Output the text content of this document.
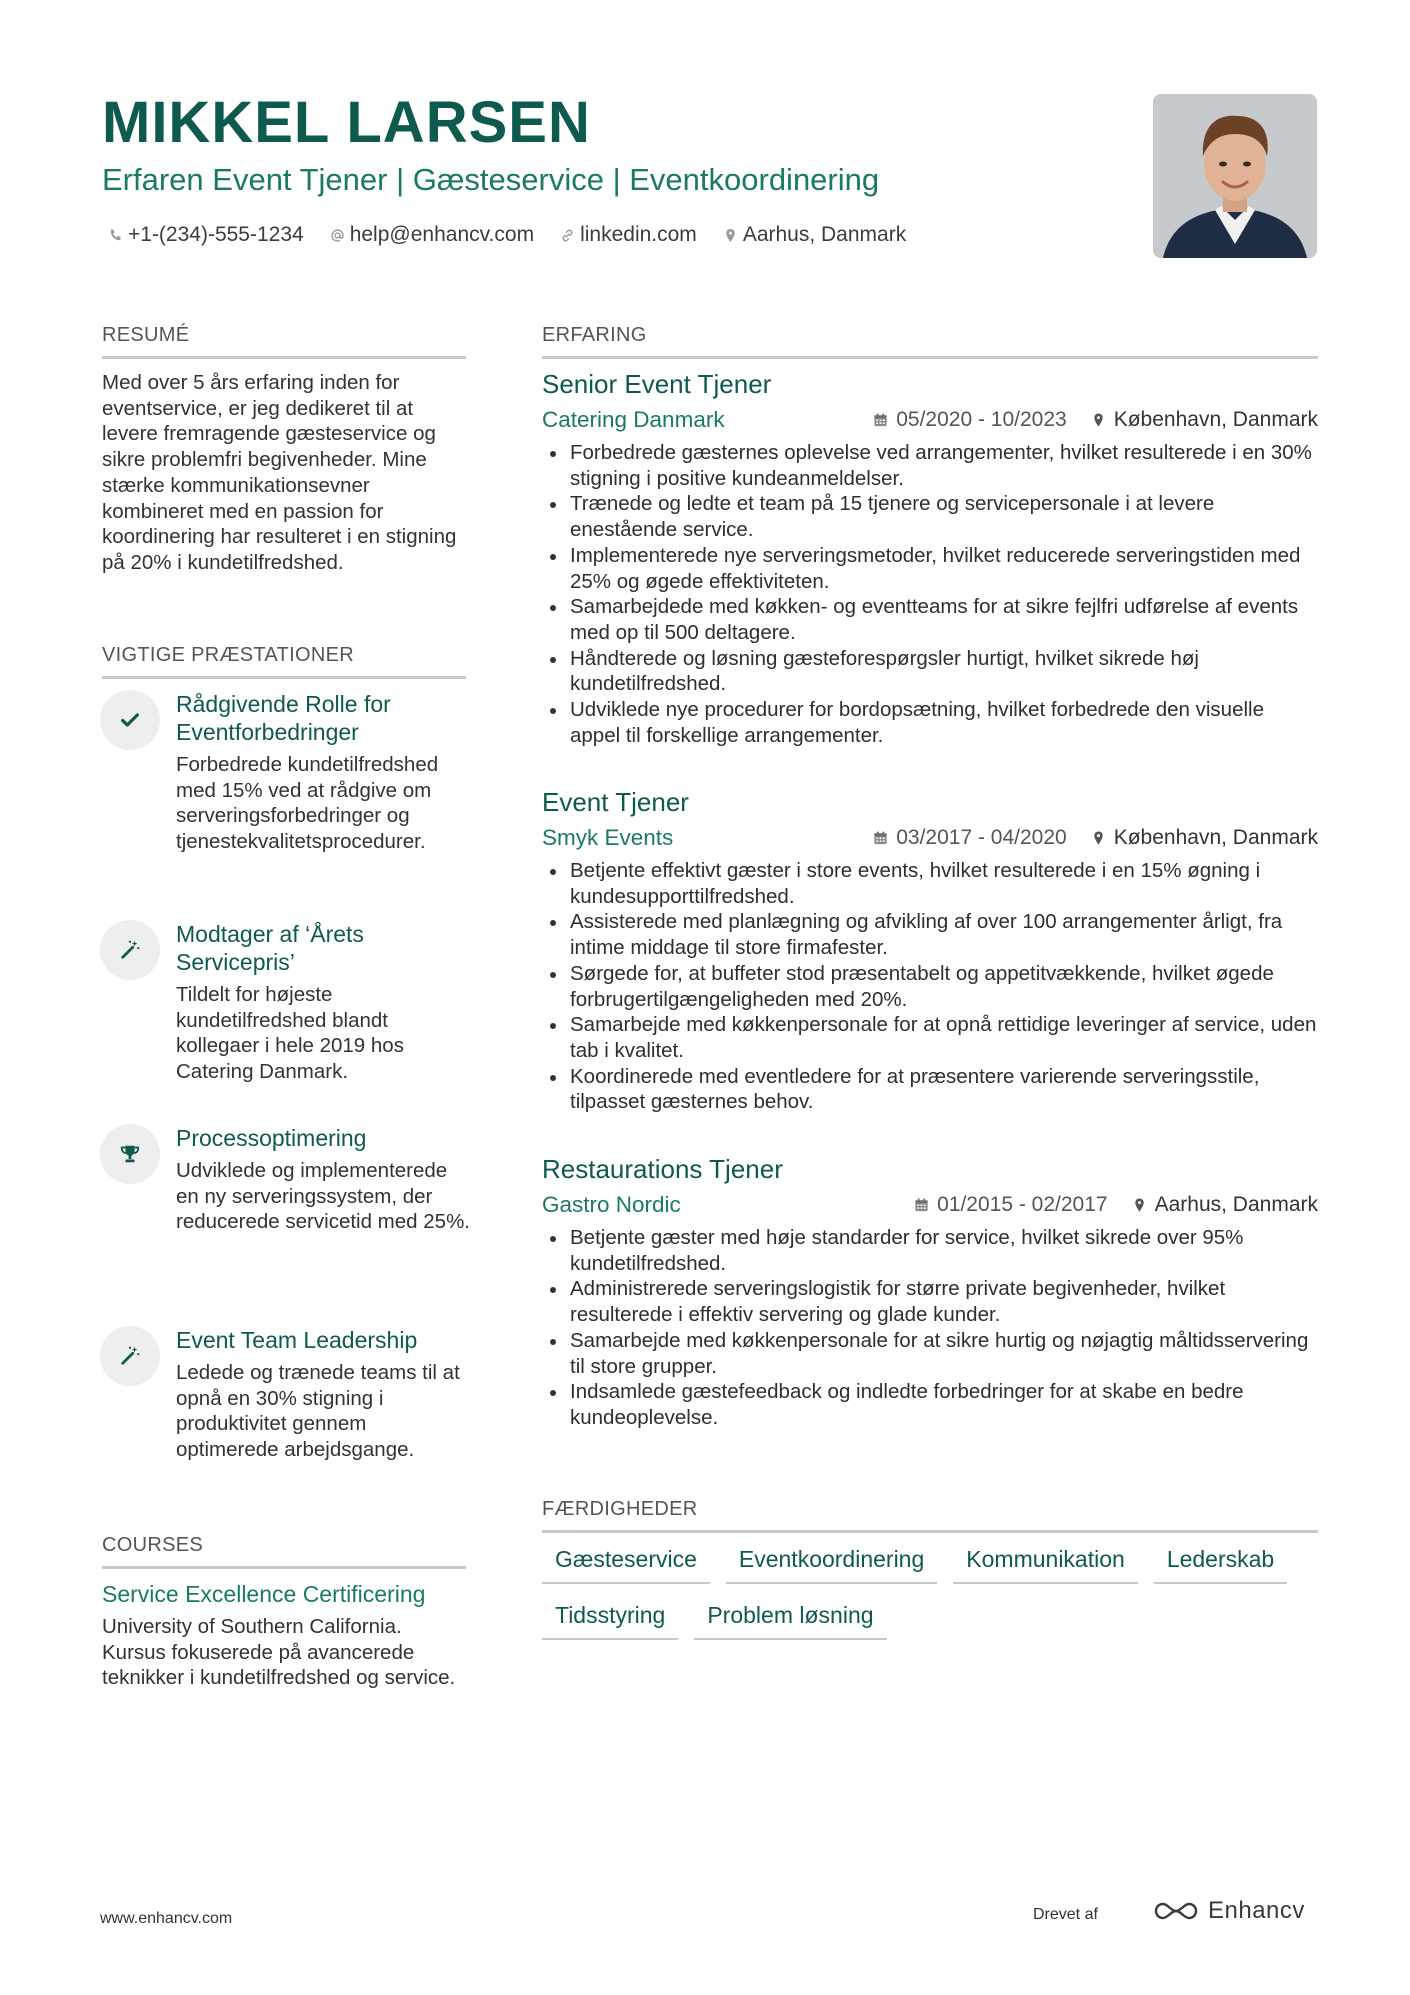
MIKKEL LARSEN
Erfaren Event Tjener | Gæsteservice | Eventkoordinering
+1-(234)-555-1234 help@enhancv.com linkedin.com Aarhus, Danmark
RESUMÉ
Med over 5 års erfaring inden for eventservice, er jeg dedikeret til at levere fremragende gæsteservice og sikre problemfri begivenheder. Mine stærke kommunikationsevner kombineret med en passion for koordinering har resulteret i en stigning på 20% i kundetilfredshed.
VIGTIGE PRÆSTATIONER
Rådgivende Rolle for Eventforbedringer
Forbedrede kundetilfredshed med 15% ved at rådgive om serveringsforbedringer og tjenestekvalitetsprocedurer.
Modtager af ‘Årets Servicepris’
Tildelt for højeste kundetilfredshed blandt kollegaer i hele 2019 hos Catering Danmark.
Processoptimering
Udviklede og implementerede en ny serveringssystem, der reducerede servicetid med 25%.
Event Team Leadership
Ledede og trænede teams til at opnå en 30% stigning i produktivitet gennem optimerede arbejdsgange.
COURSES
Service Excellence Certificering
University of Southern California. Kursus fokuserede på avancerede teknikker i kundetilfredshed og service.
ERFARING
Senior Event Tjener
Catering Danmark	05/2020 - 10/2023 København, Danmark
Forbedrede gæsternes oplevelse ved arrangementer, hvilket resulterede i en 30% stigning i positive kundeanmeldelser.
Trænede og ledte et team på 15 tjenere og servicepersonale i at levere enestående service.
Implementerede nye serveringsmetoder, hvilket reducerede serveringstiden med 25% og øgede effektiviteten.
Samarbejdede med køkken- og eventteams for at sikre fejlfri udførelse af events med op til 500 deltagere.
Håndterede og løsning gæsteforespørgsler hurtigt, hvilket sikrede høj kundetilfredshed.
Udviklede nye procedurer for bordopsætning, hvilket forbedrede den visuelle appel til forskellige arrangementer.
Event Tjener
Smyk Events	03/2017 - 04/2020 København, Danmark
Betjente effektivt gæster i store events, hvilket resulterede i en 15% øgning i kundesupporttilfredshed.
Assisterede med planlægning og afvikling af over 100 arrangementer årligt, fra intime middage til store firmafester.
Sørgede for, at buffeter stod præsentabelt og appetitvækkende, hvilket øgede forbrugertilgængeligheden med 20%.
Samarbejde med køkkenpersonale for at opnå rettidige leveringer af service, uden tab i kvalitet.
Koordinerede med eventledere for at præsentere varierende serveringsstile, tilpasset gæsternes behov.
Restaurations Tjener
Gastro Nordic	01/2015 - 02/2017 Aarhus, Danmark
Betjente gæster med høje standarder for service, hvilket sikrede over 95% kundetilfredshed.
Administrerede serveringslogistik for større private begivenheder, hvilket resulterede i effektiv servering og glade kunder.
Samarbejde med køkkenpersonale for at sikre hurtig og nøjagtig måltidsservering til store grupper.
Indsamlede gæstefeedback og indledte forbedringer for at skabe en bedre kundeoplevelse.
FÆRDIGHEDER
Gæsteservice	Eventkoordinering	Kommunikation	Lederskab
Tidsstyring	Problem løsning
www.enhancv.com	Drevet af	Enhancv
